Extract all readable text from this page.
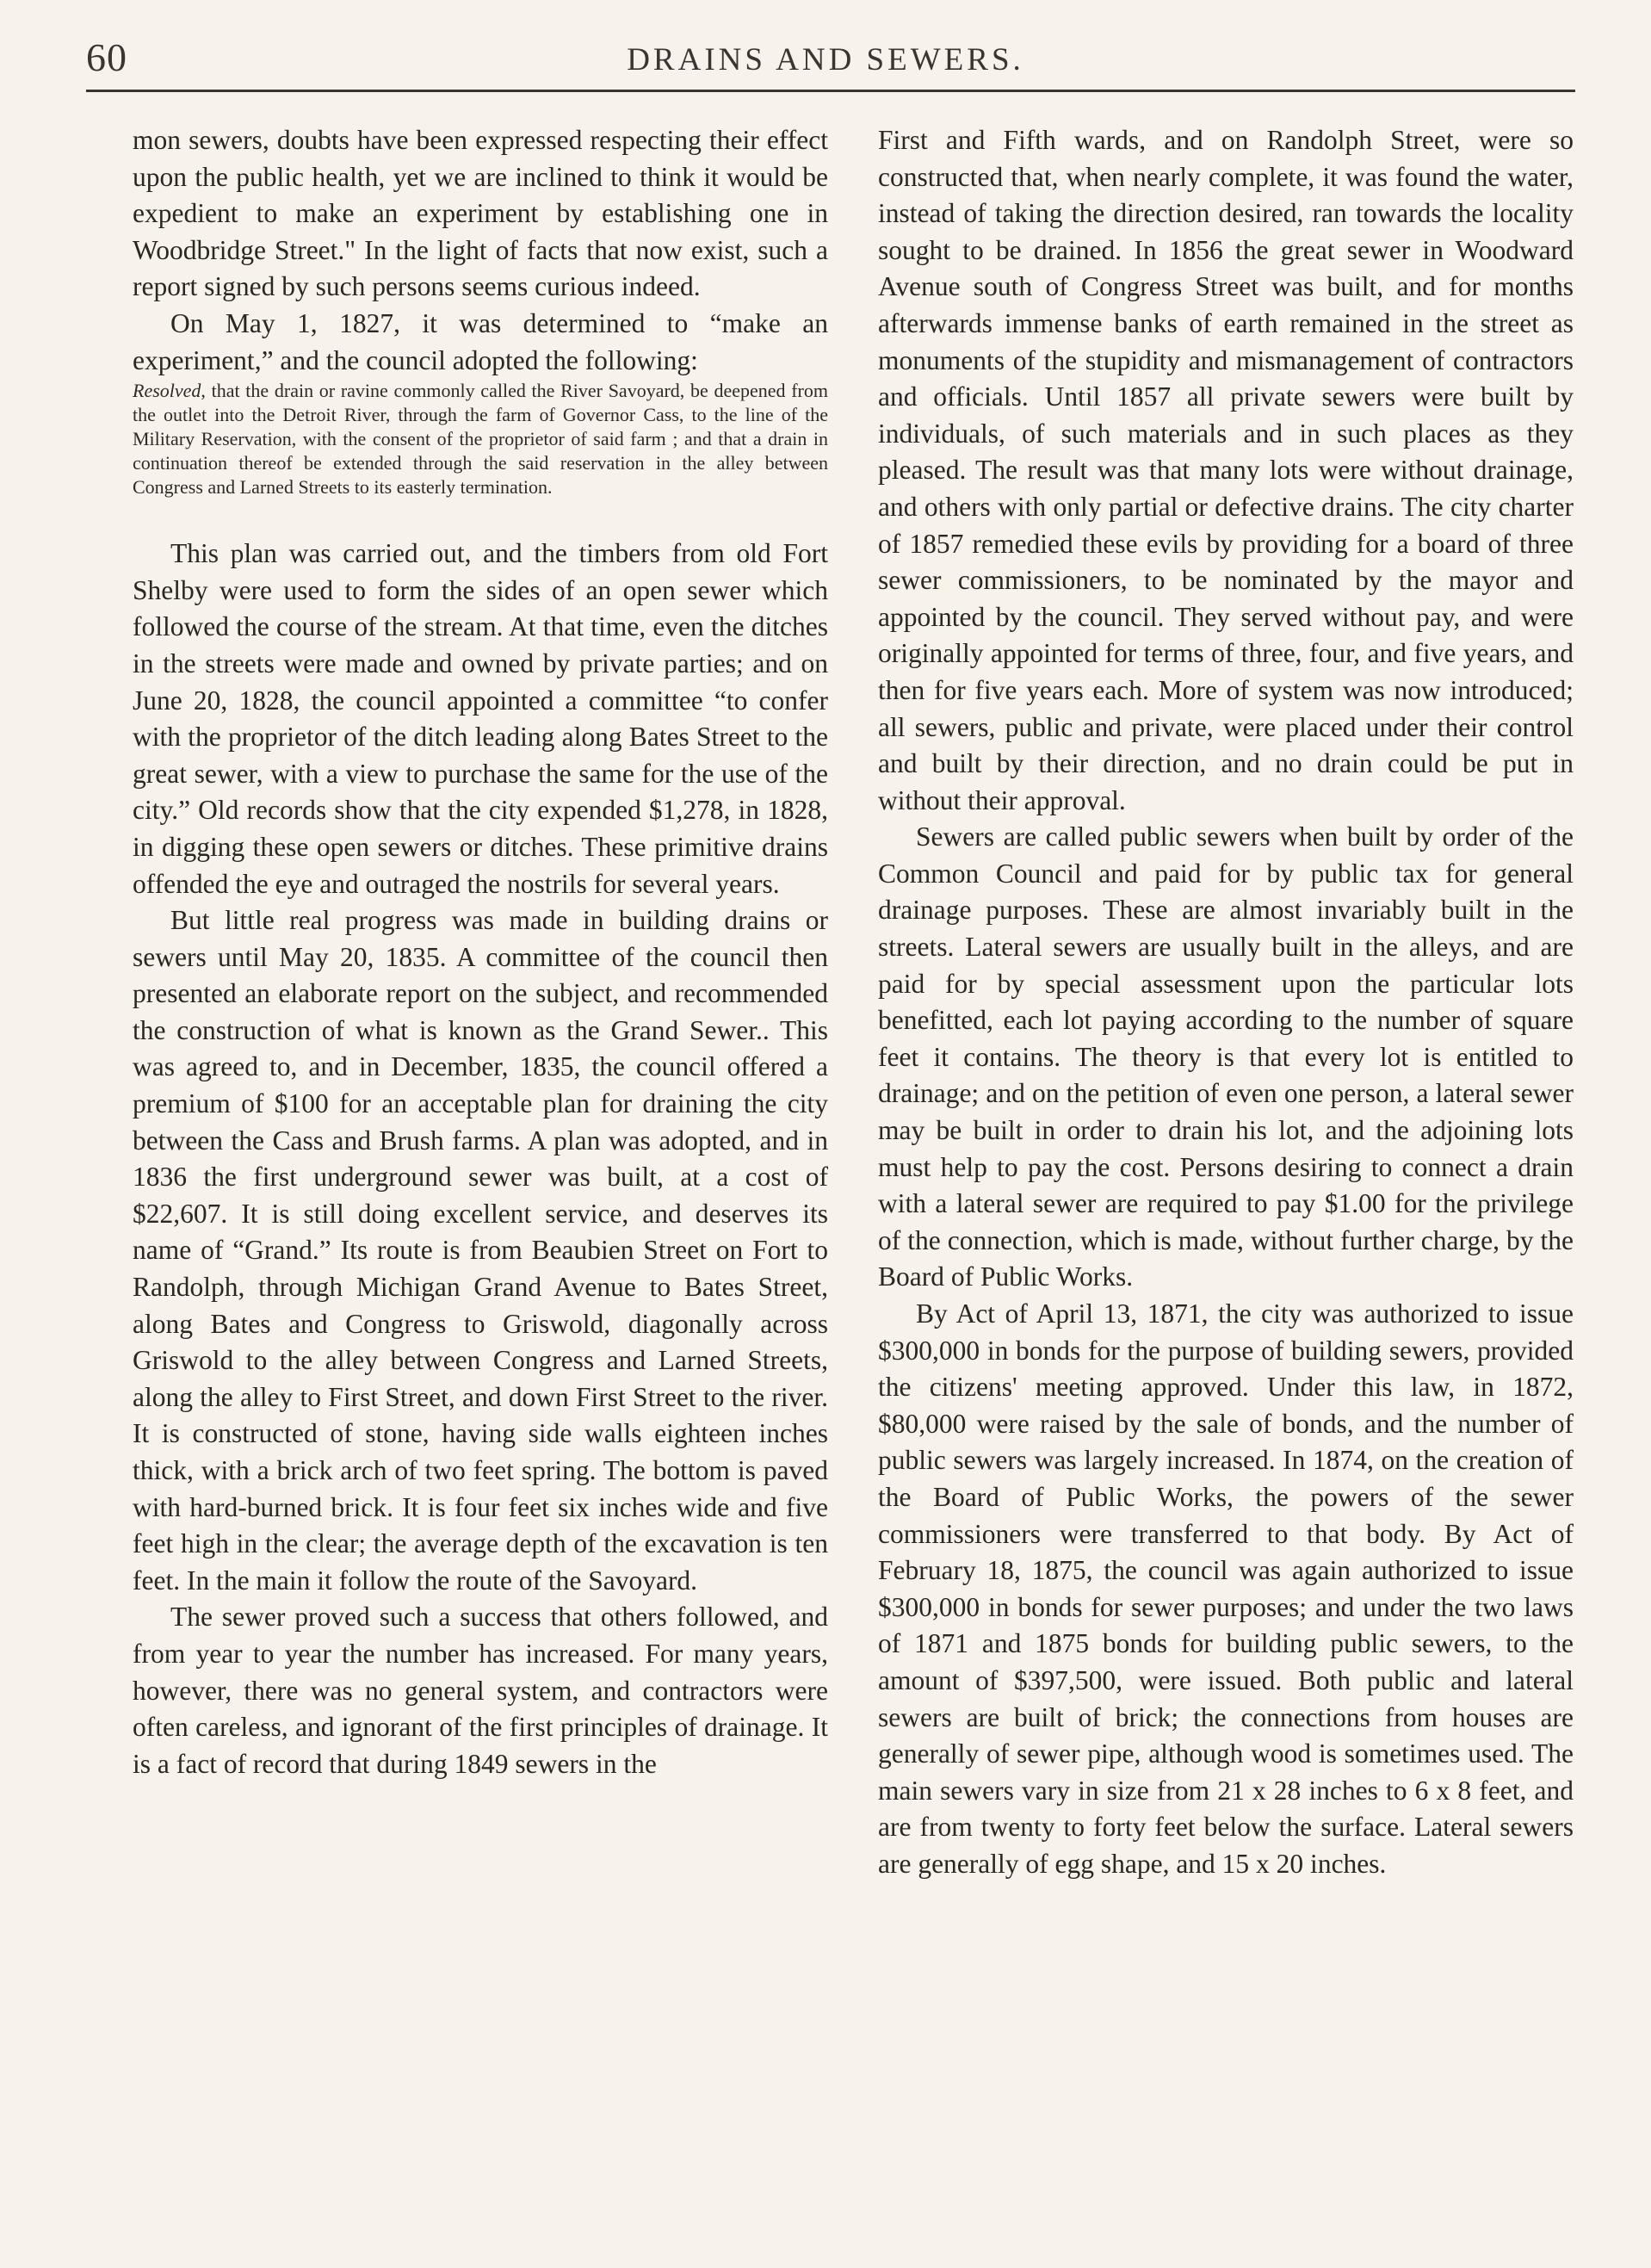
60	DRAINS AND SEWERS.

mon sewers, doubts have been expressed respecting their effect upon the public health, yet we are inclined to think it would be expedient to make an experiment by establishing one in Woodbridge Street." In the light of facts that now exist, such a report signed by such persons seems curious indeed.

On May 1, 1827, it was determined to “make an experiment,” and the council adopted the following:

Resolved, that the drain or ravine commonly called the River Savoyard, be deepened from the outlet into the Detroit River, through the farm of Governor Cass, to the line of the Military Reservation, with the consent of the proprietor of said farm ; and that a drain in continuation thereof be extended through the said reservation in the alley between Congress and Larned Streets to its easterly termination.

This plan was carried out, and the timbers from old Fort Shelby were used to form the sides of an open sewer which followed the course of the stream. At that time, even the ditches in the streets were made and owned by private parties; and on June 20, 1828, the council appointed a committee “to confer with the proprietor of the ditch leading along Bates Street to the great sewer, with a view to purchase the same for the use of the city.” Old records show that the city expended $1,278, in 1828, in digging these open sewers or ditches. These primitive drains offended the eye and outraged the nostrils for several years.

But little real progress was made in building drains or sewers until May 20, 1835. A committee of the council then presented an elaborate report on the subject, and recommended the construction of what is known as the Grand Sewer.. This was agreed to, and in December, 1835, the council offered a premium of $100 for an acceptable plan for draining the city between the Cass and Brush farms. A plan was adopted, and in 1836 the first underground sewer was built, at a cost of $22,607. It is still doing excellent service, and deserves its name of “Grand.” Its route is from Beaubien Street on Fort to Randolph, through Michigan Grand Avenue to Bates Street, along Bates and Congress to Griswold, diagonally across Griswold to the alley between Congress and Larned Streets, along the alley to First Street, and down First Street to the river. It is constructed of stone, having side walls eighteen inches thick, with a brick arch of two feet spring. The bottom is paved with hard-burned brick. It is four feet six inches wide and five feet high in the clear; the average depth of the excavation is ten feet. In the main it follow the route of the Savoyard.

The sewer proved such a success that others followed, and from year to year the number has increased. For many years, however, there was no general system, and contractors were often careless, and ignorant of the first principles of drainage. It is a fact of record that during 1849 sewers in the

First and Fifth wards, and on Randolph Street, were so constructed that, when nearly complete, it was found the water, instead of taking the direction desired, ran towards the locality sought to be drained. In 1856 the great sewer in Woodward Avenue south of Congress Street was built, and for months afterwards immense banks of earth remained in the street as monuments of the stupidity and mismanagement of contractors and officials. Until 1857 all private sewers were built by individuals, of such materials and in such places as they pleased. The result was that many lots were without drainage, and others with only partial or defective drains. The city charter of 1857 remedied these evils by providing for a board of three sewer commissioners, to be nominated by the mayor and appointed by the council. They served without pay, and were originally appointed for terms of three, four, and five years, and then for five years each. More of system was now introduced; all sewers, public and private, were placed under their control and built by their direction, and no drain could be put in without their approval.

Sewers are called public sewers when built by order of the Common Council and paid for by public tax for general drainage purposes. These are almost invariably built in the streets. Lateral sewers are usually built in the alleys, and are paid for by special assessment upon the particular lots benefitted, each lot paying according to the number of square feet it contains. The theory is that every lot is entitled to drainage; and on the petition of even one person, a lateral sewer may be built in order to drain his lot, and the adjoining lots must help to pay the cost. Persons desiring to connect a drain with a lateral sewer are required to pay $1.00 for the privilege of the connection, which is made, without further charge, by the Board of Public Works.

By Act of April 13, 1871, the city was authorized to issue $300,000 in bonds for the purpose of building sewers, provided the citizens' meeting approved. Under this law, in 1872, $80,000 were raised by the sale of bonds, and the number of public sewers was largely increased. In 1874, on the creation of the Board of Public Works, the powers of the sewer commissioners were transferred to that body. By Act of February 18, 1875, the council was again authorized to issue $300,000 in bonds for sewer purposes; and under the two laws of 1871 and 1875 bonds for building public sewers, to the amount of $397,500, were issued. Both public and lateral sewers are built of brick; the connections from houses are generally of sewer pipe, although wood is sometimes used. The main sewers vary in size from 21 x 28 inches to 6 x 8 feet, and are from twenty to forty feet below the surface. Lateral sewers are generally of egg shape, and 15 x 20 inches.
